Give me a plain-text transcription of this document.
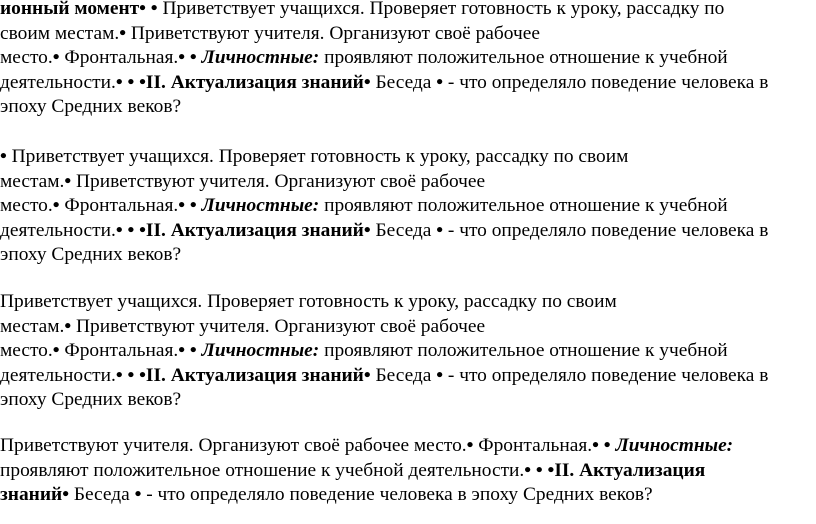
ионный момент• • Приветствует учащихся. Проверяет готовность к уроку, рассадку по
своим местам.• Приветствуют учителя. Организуют своё рабочее
место.• Фронтальная.• • Личностные: проявляют положительное отношение к учебной
деятельности.• • •II. Актуализация знаний• Беседа • - что определяло поведение человека в
эпоху Средних веков?
• Приветствует учащихся. Проверяет готовность к уроку, рассадку по своим
местам.• Приветствуют учителя. Организуют своё рабочее
место.• Фронтальная.• • Личностные: проявляют положительное отношение к учебной
деятельности.• • •II. Актуализация знаний• Беседа • - что определяло поведение человека в
эпоху Средних веков?
Приветствует учащихся. Проверяет готовность к уроку, рассадку по своим
местам.• Приветствуют учителя. Организуют своё рабочее
место.• Фронтальная.• • Личностные: проявляют положительное отношение к учебной
деятельности.• • •II. Актуализация знаний• Беседа • - что определяло поведение человека в
эпоху Средних веков?
Приветствуют учителя. Организуют своё рабочее место.• Фронтальная.• • Личностные:
проявляют положительное отношение к учебной деятельности.• • •II. Актуализация
знаний• Беседа • - что определяло поведение человека в эпоху Средних веков?
